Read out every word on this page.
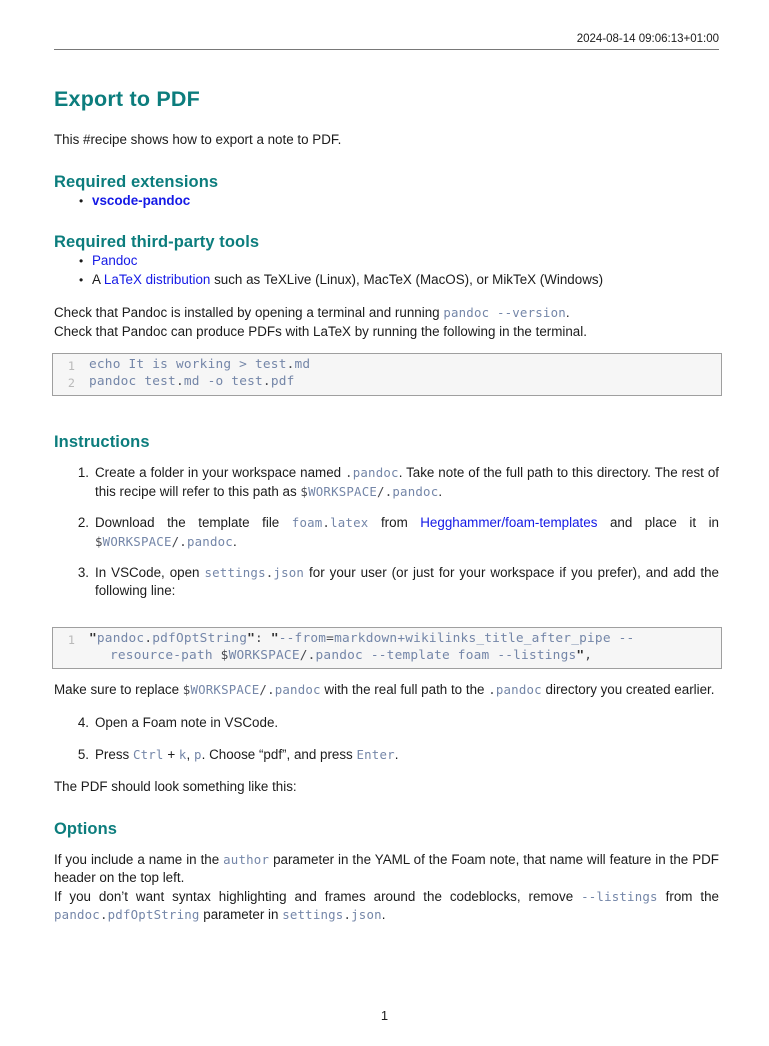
2024-08-14 09:06:13+01:00
Export to PDF

This #recipe shows how to export a note to PDF.

Required extensions
• vscode-pandoc
Required third-party tools
• Pandoc
• A LaTeX distribution such as TeXLive (Linux), MacTeX (MacOS), or MikTeX (Windows)

Check that Pandoc is installed by opening a terminal and running pandoc --version.

Check that Pandoc can produce PDFs with LaTeX by running the following in the terminal.

1 echo It is working > test.md
2 pandoc test.md -o test.pdf
Instructions
1. Create a folder in your workspace named .pandoc. Take note of the full path to this directory. The rest of this recipe will refer to this path as $WORKSPACE/.pandoc.
2. Download the template file foam.latex from Hegghammer/foam-templates and place it in $WORKSPACE/.pandoc.
3. In VSCode, open settings.json for your user (or just for your workspace if you prefer), and add the following line:
1 "pandoc.pdfOptString": "--from=markdown+wikilinks_title_after_pipe --
resource-path $WORKSPACE/.pandoc --template foam --listings",

Make sure to replace $WORKSPACE/.pandoc with the real full path to the .pandoc directory you created earlier.

4. Open a Foam note in VSCode.
5. Press Ctrl + k, p. Choose “pdf”, and press Enter.

The PDF should look something like this:

Options

If you include a name in the author parameter in the YAML of the Foam note, that name will feature in the PDF header on the top left.

If you don’t want syntax highlighting and frames around the codeblocks, remove --listings from the pandoc.pdfOptString parameter in settings.json.

1
